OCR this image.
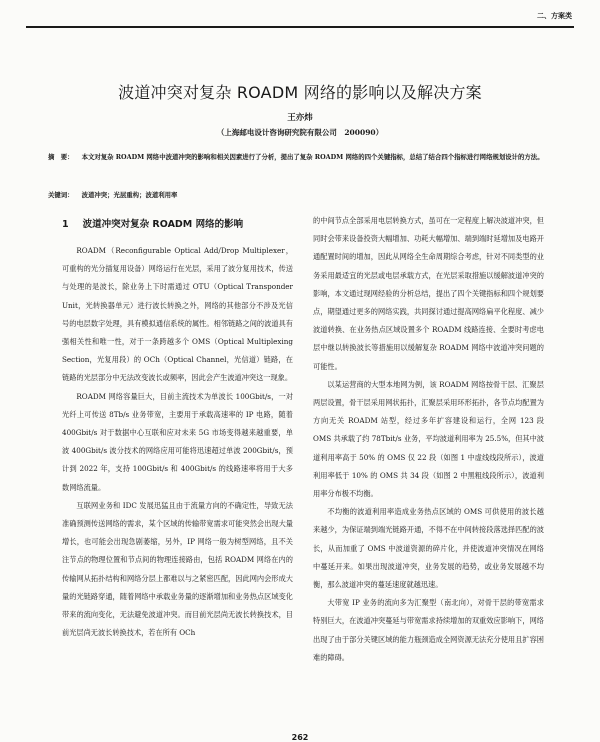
二、方案类
波道冲突对复杂 ROADM 网络的影响以及解决方案
王亦炜
（上海邮电设计咨询研究院有限公司　200090）

摘　要： 本文对复杂 ROADM 网络中波道冲突的影响和相关因素进行了分析，提出了复杂 ROADM 网络的四个关键指标，总结了结合四个指标进行网络规划设计的方法。

关键词： 波道冲突；光层重构；波道利用率

1 波道冲突对复杂 ROADM 网络的影响

ROADM（Reconfigurable Optical Add/Drop Multiplexer，可重构的光分插复用设备）网络运行在光层，采用了波分复用技术，传送与处理的是波长，除业务上下时需通过 OTU（Optical Transponder Unit，光转换器单元）进行波长转换之外，网络的其他部分不涉及光信号的电层数字处理，具有模拟通信系统的属性。相邻链路之间的波道具有强相关性和唯一性，对于一条跨越多个 OMS（Optical Multiplexing Section，光复用段）的 OCh（Optical Channel，光信道）链路，在链路的光层部分中无法改变波长或频率，因此会产生波道冲突这一现象。

ROADM 网络容量巨大，目前主流技术为单波长 100Gbit/s，一对光纤上可传送 8Tb/s 业务带宽，主要用于承载高速率的 IP 电路，随着 400Gbit/s 对于数据中心互联和应对未来 5G 市场变得越来越重要，单波 400Gbit/s 波分技术的网络应用可能将迅速超过单波 200Gbit/s，预计到 2022 年，支持 100Gbit/s 和 400Gbit/s 的线路速率将用于大多数网络流量。

互联网业务和 IDC 发展迅猛且由于流量方向的不确定性，导致无法准确预测传送网络的需求，某个区域的传输带宽需求可能突然会出现大量增长，也可能会出现急剧萎缩，另外，IP 网络一般为树型网络，且不关注节点的物理位置和节点间的物理连接路由，包括 ROADM 网络在内的传输网从拓扑结构和网络分层上都难以与之紧密匹配，因此网内会形成大量的光链路穿通，随着网络中承载业务量的逐渐增加和业务热点区域变化带来的流向变化，无法避免波道冲突。而目前光层尚无波长转换技术，目前光层尚无波长转换技术，若在所有 OCh

的中间节点全部采用电层转换方式，虽可在一定程度上解决波道冲突，但同时会带来设备投资大幅增加、功耗大幅增加、端到端时延增加及电路开通配置时间的增加，因此从网络全生命周期综合考虑，针对不同类型的业务采用最适宜的光层或电层承载方式，在光层采取措施以缓解波道冲突的影响，本文通过现网经验的分析总结，提出了四个关键指标和四个规划要点，期望通过更多的网络实践，共同探讨通过提高网络扁平化程度、减少波道转换、在业务热点区域设置多个 ROADM 线路连接、全要时考虑电层中继以转换波长等措施用以缓解复杂 ROADM 网络中波道冲突问题的可能性。

以某运营商的大型本地网为例，该 ROADM 网络按骨干层、汇聚层两层设置，骨干层采用网状拓扑，汇聚层采用环形拓扑，各节点均配置为方向无关 ROADM 站型，经过多年扩容建设和运行，全网 123 段 OMS 共承载了约 78Tbit/s 业务，平均波道利用率为 25.5%，但其中波道利用率高于 50% 的 OMS 仅 22 段（如图 1 中虚线线段所示），波道利用率低于 10% 的 OMS 共 34 段（如图 2 中黑粗线段所示），波道利用率分布极不均衡。

不均衡的波道利用率造成业务热点区域的 OMS 可供使用的波长越来越少，为保证端到端光链路开通，不得不在中间转接段落选择匹配的波长，从而加重了 OMS 中波道资源的碎片化，并使波道冲突情况在网络中蔓延开来。如果出现波道冲突，业务发展的趋势，或业务发展越不均衡，那么波道冲突的蔓延速度就越迅速。

大带宽 IP 业务的流向多为汇聚型（南北向），对骨干层的带宽需求特别巨大，在波道冲突蔓延与带宽需求持续增加的双重效应影响下，网络出现了由于部分关键区域的能力瓶颈造成全网资源无法充分使用且扩容困难的障碍。

262
